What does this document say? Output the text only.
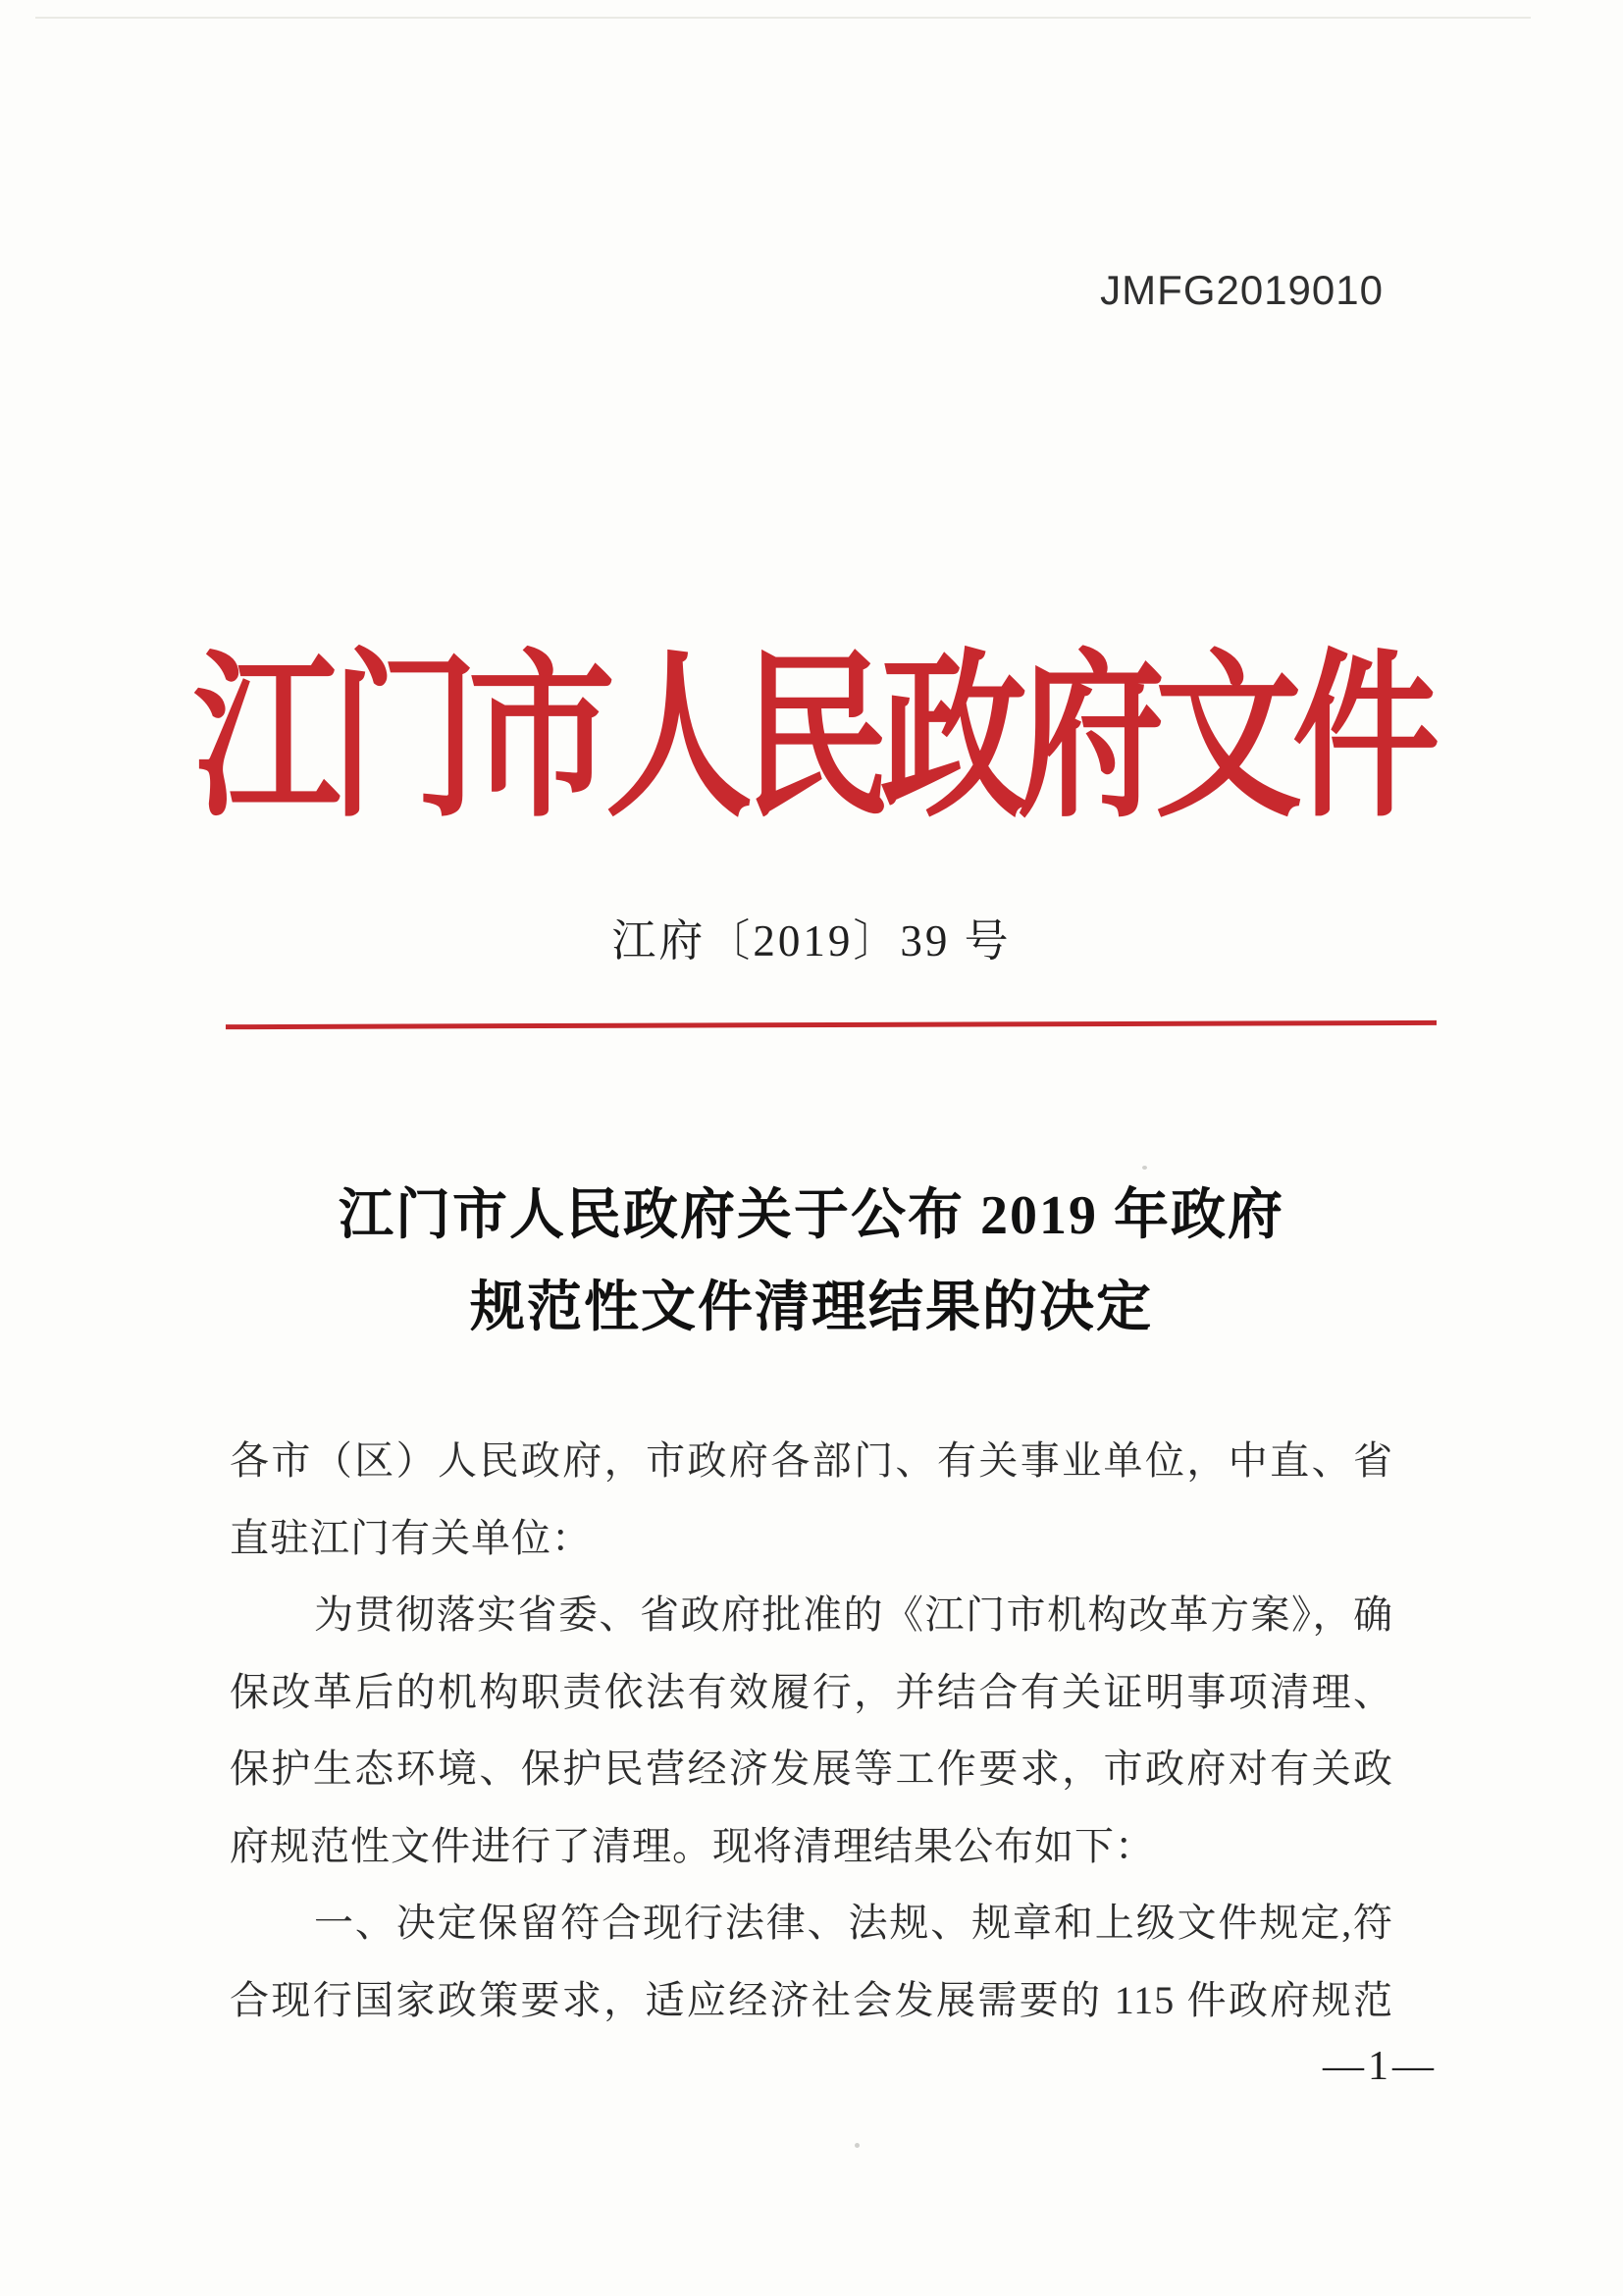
JMFG2019010
江门市人民政府文件
江府〔2019〕39 号
江门市人民政府关于公布 2019 年政府
规范性文件清理结果的决定
各市（区）人民政府，市政府各部门、有关事业单位，中直、省
直驻江门有关单位：
为贯彻落实省委、省政府批准的《江门市机构改革方案》，确
保改革后的机构职责依法有效履行，并结合有关证明事项清理、
保护生态环境、保护民营经济发展等工作要求，市政府对有关政
府规范性文件进行了清理。现将清理结果公布如下：
一、决定保留符合现行法律、法规、规章和上级文件规定,符
合现行国家政策要求，适应经济社会发展需要的 115 件政府规范
—1—
